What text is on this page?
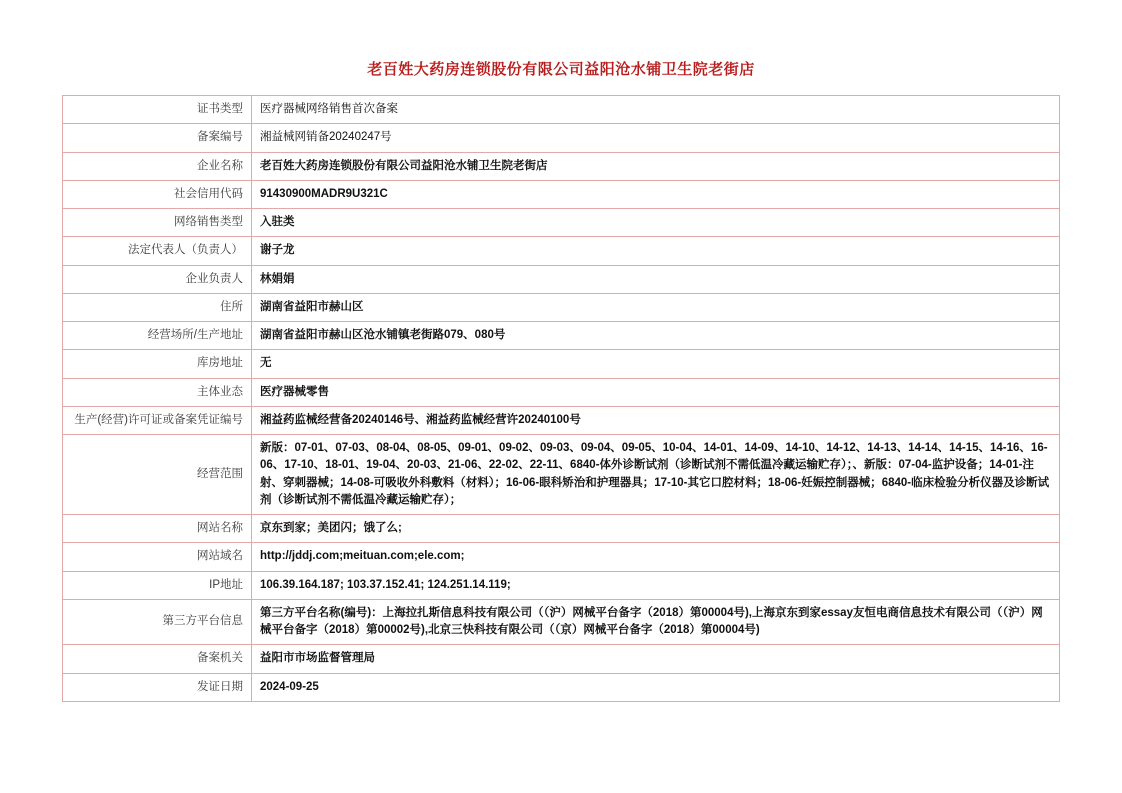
老百姓大药房连锁股份有限公司益阳沧水铺卫生院老街店
证书类型	医疗器械网络销售首次备案
备案编号	湘益械网销备20240247号
企业名称	老百姓大药房连锁股份有限公司益阳沧水铺卫生院老街店
社会信用代码	91430900MADR9U321C
网络销售类型	入驻类
法定代表人（负责人）	谢子龙
企业负责人	林娟娟
住所	湖南省益阳市赫山区
经营场所/生产地址	湖南省益阳市赫山区沧水铺镇老街路079、080号
库房地址	无
主体业态	医疗器械零售
生产(经营)许可证或备案凭证编号	湘益药监械经营备20240146号、湘益药监械经营许20240100号
经营范围	新版：07-01、07-03、08-04、08-05、09-01、09-02、09-03、09-04、09-05、10-04、14-01、14-09、14-10、14-12、14-13、14-14、14-15、14-16、16-06、17-10、18-01、19-04、20-03、21-06、22-02、22-11、6840-体外诊断试剂（诊断试剂不需低温冷藏运输贮存）；、新版：07-04-监护设备；14-01-注射、穿刺器械；14-08-可吸收外科敷料（材料）；16-06-眼科矫治和护理器具；17-10-其它口腔材料；18-06-妊娠控制器械；6840-临床检验分析仪器及诊断试剂（诊断试剂不需低温冷藏运输贮存）；
网站名称	京东到家；美团闪；饿了么;
网站域名	http://jddj.com;meituan.com;ele.com;
IP地址	106.39.164.187; 103.37.152.41; 124.251.14.119;
第三方平台信息	第三方平台名称(编号)：上海拉扎斯信息科技有限公司（（沪）网械平台备字（2018）第00004号),上海京东到家essay友恒电商信息技术有限公司（（沪）网械平台备字（2018）第00002号),北京三快科技有限公司（（京）网械平台备字（2018）第00004号)
备案机关	益阳市市场监督管理局
发证日期	2024-09-25
